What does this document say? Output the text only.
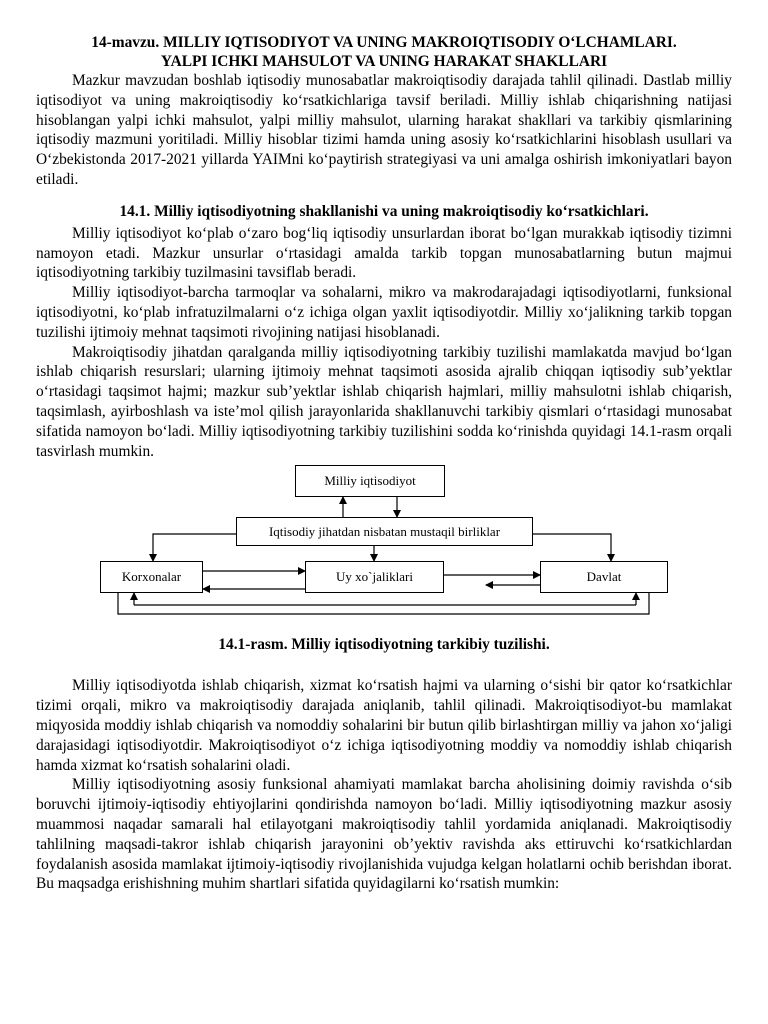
14-mavzu. MILLIY IQTISODIYOT VA UNING MAKROIQTISODIY O‘LCHAMLARI.
YALPI ICHKI MAHSULOT VA UNING HARAKAT SHAKLLARI

Mazkur mavzudan boshlab iqtisodiy munosabatlar makroiqtisodiy darajada tahlil qilinadi. Dastlab milliy iqtisodiyot va uning makroiqtisodiy ko‘rsatkichlariga tavsif beriladi. Milliy ishlab chiqarishning natijasi hisoblangan yalpi ichki mahsulot, yalpi milliy mahsulot, ularning harakat shakllari va tarkibiy qismlarining iqtisodiy mazmuni yoritiladi. Milliy hisoblar tizimi hamda uning asosiy ko‘rsatkichlarini hisoblash usullari va O‘zbekistonda 2017-2021 yillarda YAIMni ko‘paytirish strategiyasi va uni amalga oshirish imkoniyatlari bayon etiladi.

14.1. Milliy iqtisodiyotning shakllanishi va uning makroiqtisodiy ko‘rsatkichlari.

Milliy iqtisodiyot ko‘plab o‘zaro bog‘liq iqtisodiy unsurlardan iborat bo‘lgan murakkab iqtisodiy tizimni namoyon etadi. Mazkur unsurlar o‘rtasidagi amalda tarkib topgan munosabatlarning butun majmui iqtisodiyotning tarkibiy tuzilmasini tavsiflab beradi.

Milliy iqtisodiyot-barcha tarmoqlar va sohalarni, mikro va makrodarajadagi iqtisodiyotlarni, funksional iqtisodiyotni, ko‘plab infratuzilmalarni o‘z ichiga olgan yaxlit iqtisodiyotdir. Milliy xo‘jalikning tarkib topgan tuzilishi ijtimoiy mehnat taqsimoti rivojining natijasi hisoblanadi.

Makroiqtisodiy jihatdan qaralganda milliy iqtisodiyotning tarkibiy tuzilishi mamlakatda mavjud bo‘lgan ishlab chiqarish resurslari; ularning ijtimoiy mehnat taqsimoti asosida ajralib chiqqan iqtisodiy sub’yektlar o‘rtasidagi taqsimot hajmi; mazkur sub’yektlar ishlab chiqarish hajmlari, milliy mahsulotni ishlab chiqarish, taqsimlash, ayirboshlash va iste’mol qilish jarayonlarida shakllanuvchi tarkibiy qismlari o‘rtasidagi munosabat sifatida namoyon bo‘ladi. Milliy iqtisodiyotning tarkibiy tuzilishini sodda ko‘rinishda quyidagi 14.1-rasm orqali tasvirlash mumkin.

Milliy iqtisodiyot
Iqtisodiy jihatdan nisbatan mustaqil birliklar
Korxonalar	Uy xo`jaliklari	Davlat
14.1-rasm. Milliy iqtisodiyotning tarkibiy tuzilishi.

Milliy iqtisodiyotda ishlab chiqarish, xizmat ko‘rsatish hajmi va ularning o‘sishi bir qator ko‘rsatkichlar tizimi orqali, mikro va makroiqtisodiy darajada aniqlanib, tahlil qilinadi. Makroiqtisodiyot-bu mamlakat miqyosida moddiy ishlab chiqarish va nomoddiy sohalarini bir butun qilib birlashtirgan milliy va jahon xo‘jaligi darajasidagi iqtisodiyotdir. Makroiqtisodiyot o‘z ichiga iqtisodiyotning moddiy va nomoddiy ishlab chiqarish hamda xizmat ko‘rsatish sohalarini oladi.

Milliy iqtisodiyotning asosiy funksional ahamiyati mamlakat barcha aholisining doimiy ravishda o‘sib boruvchi ijtimoiy-iqtisodiy ehtiyojlarini qondirishda namoyon bo‘ladi. Milliy iqtisodiyotning mazkur asosiy muammosi naqadar samarali hal etilayotgani makroiqtisodiy tahlil yordamida aniqlanadi. Makroiqtisodiy tahlilning maqsadi-takror ishlab chiqarish jarayonini ob’yektiv ravishda aks ettiruvchi ko‘rsatkichlardan foydalanish asosida mamlakat ijtimoiy-iqtisodiy rivojlanishida vujudga kelgan holatlarni ochib berishdan iborat. Bu maqsadga erishishning muhim shartlari sifatida quyidagilarni ko‘rsatish mumkin:
